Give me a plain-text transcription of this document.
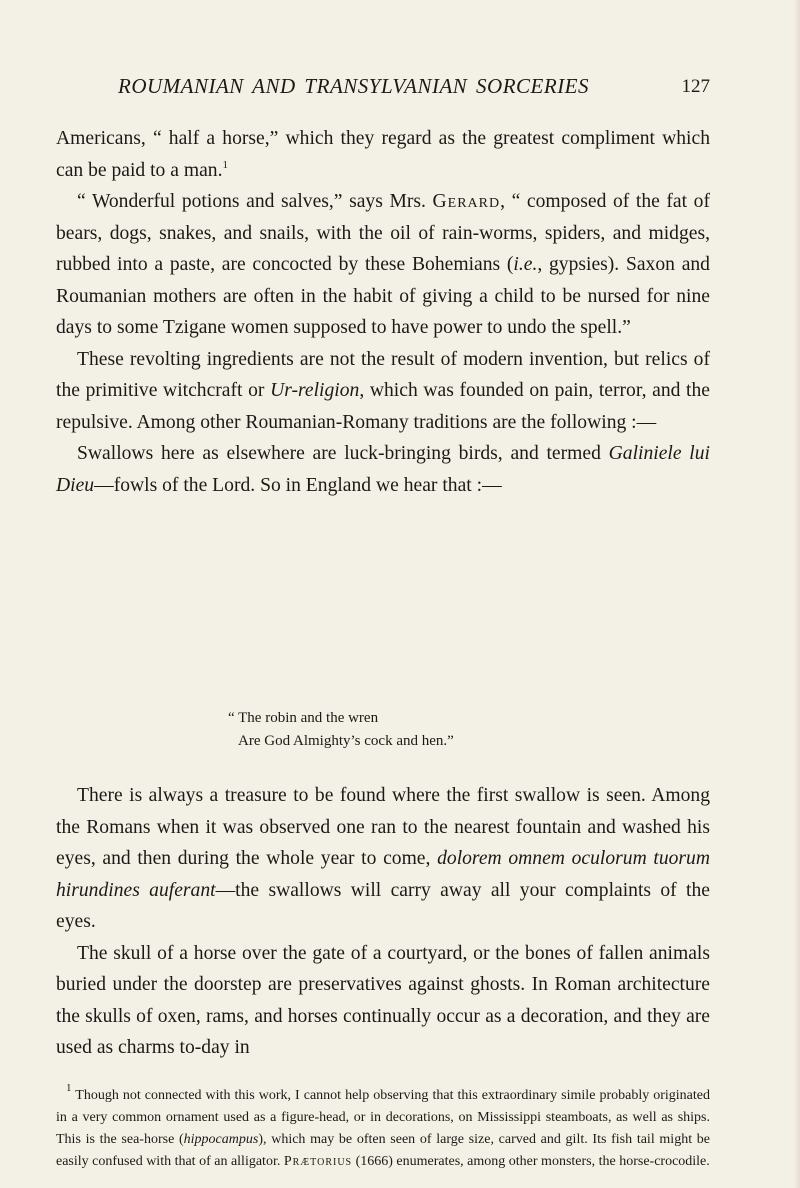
ROUMANIAN AND TRANSYLVANIAN SORCERIES	127

Americans, “ half a horse,” which they regard as the greatest compliment which can be paid to a man.$^1$

“ Wonderful potions and salves,” says Mrs. Gerard, “ composed of the fat of bears, dogs, snakes, and snails, with the oil of rain-worms, spiders, and midges, rubbed into a paste, are concocted by these Bohemians (i.e., gypsies). Saxon and Roumanian mothers are often in the habit of giving a child to be nursed for nine days to some Tzigane women supposed to have power to undo the spell.”

These revolting ingredients are not the result of modern invention, but relics of the primitive witchcraft or Ur-religion, which was founded on pain, terror, and the repulsive. Among other Roumanian-Romany traditions are the following :—

Swallows here as elsewhere are luck-bringing birds, and termed Galiniele lui Dieu—fowls of the Lord. So in England we hear that :—

“ The robin and the wren
Are God Almighty’s cock and hen.”

There is always a treasure to be found where the first swallow is seen. Among the Romans when it was observed one ran to the nearest fountain and washed his eyes, and then during the whole year to come, dolorem omnem oculorum tuorum hirundines auferant—the swallows will carry away all your complaints of the eyes.

The skull of a horse over the gate of a courtyard, or the bones of fallen animals buried under the doorstep are preservatives against ghosts. In Roman architecture the skulls of oxen, rams, and horses continually occur as a decoration, and they are used as charms to-day in

$^1$ Though not connected with this work, I cannot help observing that this extraordinary simile probably originated in a very common ornament used as a figure-head, or in decorations, on Mississippi steamboats, as well as ships. This is the sea-horse (hippocampus), which may be often seen of large size, carved and gilt. Its fish tail might be easily confused with that of an alligator. Prætorius (1666) enumerates, among other monsters, the horse-crocodile.
